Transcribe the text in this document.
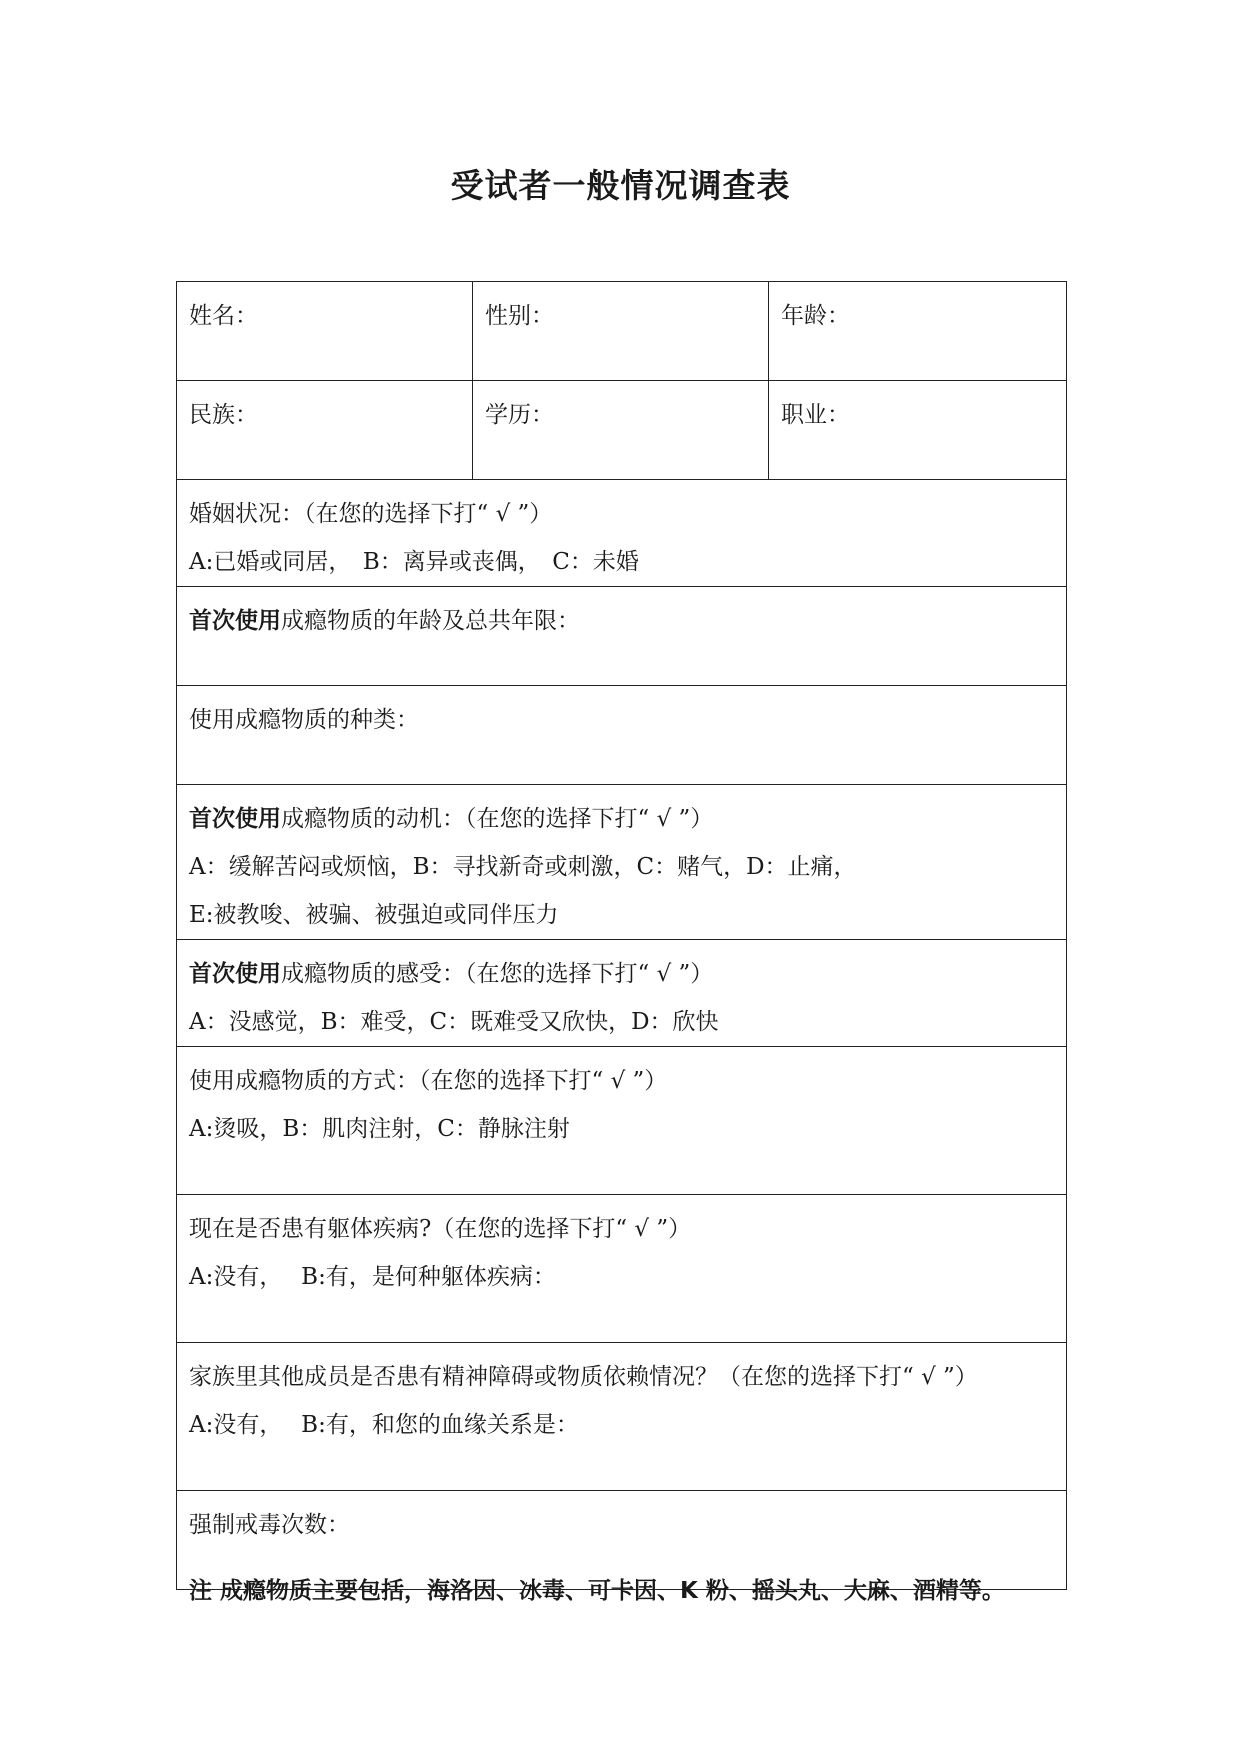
受试者一般情况调查表
姓名：	性别：	年龄：
民族：	学历：	职业：

婚姻状况：（在您的选择下打“ √ ”）
A:已婚或同居，　B：离异或丧偶，　C：未婚		

首次使用成瘾物质的年龄及总共年限：		

使用成瘾物质的种类：		

首次使用成瘾物质的动机：（在您的选择下打“ √ ”）
A：缓解苦闷或烦恼，B：寻找新奇或刺激，C：赌气，D：止痛，
E:被教唆、被骗、被强迫或同伴压力		

首次使用成瘾物质的感受：（在您的选择下打“ √ ”）
A：没感觉，B：难受，C：既难受又欣快，D：欣快		

使用成瘾物质的方式：（在您的选择下打“ √ ”）
A:烫吸，B：肌肉注射，C：静脉注射		

现在是否患有躯体疾病?（在您的选择下打“ √ ”）
A:没有，　 B:有，是何种躯体疾病：		

家族里其他成员是否患有精神障碍或物质依赖情况？（在您的选择下打“ √ ”）
A:没有，　 B:有，和您的血缘关系是：		

强制戒毒次数：		
注 成瘾物质主要包括，海洛因、冰毒、可卡因、K 粉、摇头丸、大麻、酒精等。
